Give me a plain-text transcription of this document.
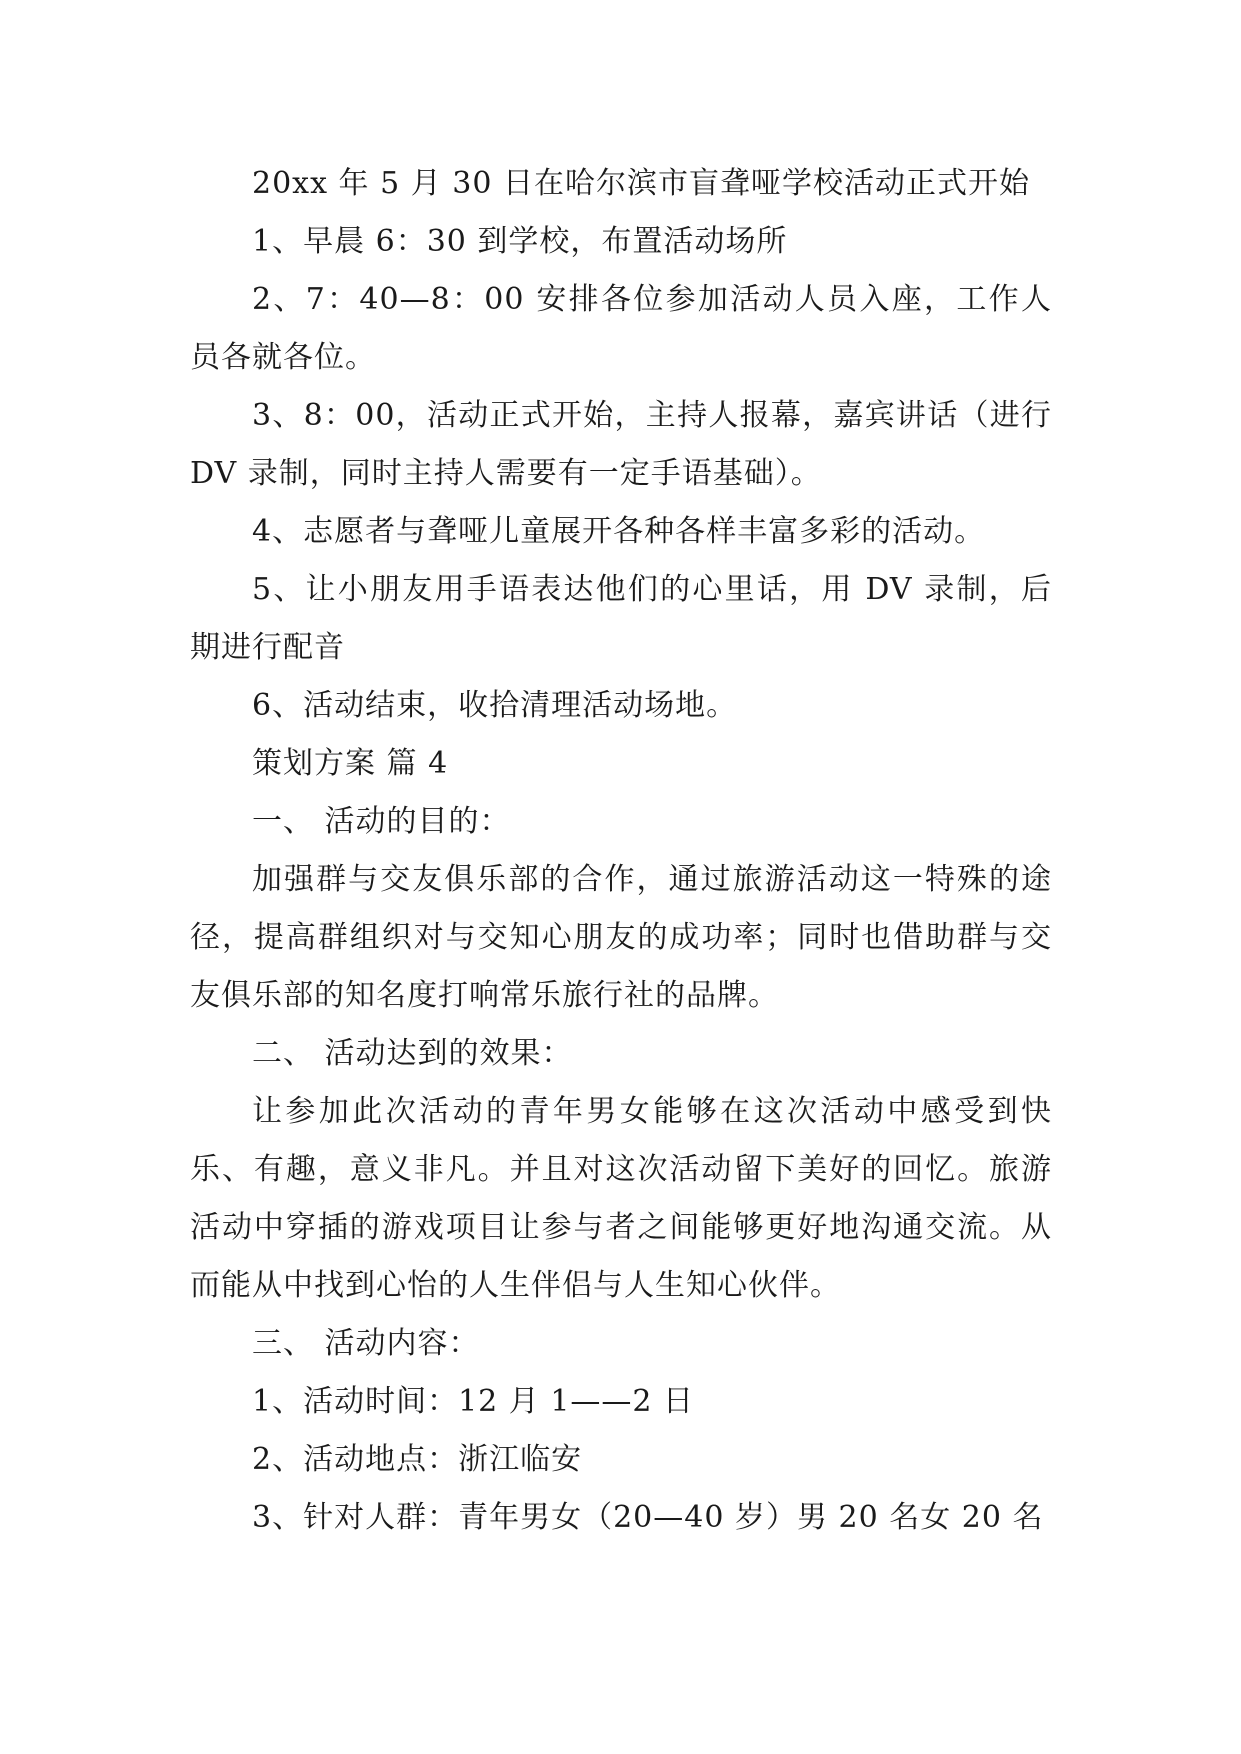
20xx 年 5 月 30 日在哈尔滨市盲聋哑学校活动正式开始

1、早晨 6：30 到学校，布置活动场所

2、7：40—8：00 安排各位参加活动人员入座，工作人员各就各位。

3、8：00，活动正式开始，主持人报幕，嘉宾讲话（进行 DV 录制，同时主持人需要有一定手语基础）。

4、志愿者与聋哑儿童展开各种各样丰富多彩的活动。

5、让小朋友用手语表达他们的心里话，用 DV 录制，后期进行配音

6、活动结束，收拾清理活动场地。

策划方案 篇 4

一、 活动的目的：

加强群与交友俱乐部的合作，通过旅游活动这一特殊的途径，提高群组织对与交知心朋友的成功率；同时也借助群与交友俱乐部的知名度打响常乐旅行社的品牌。

二、 活动达到的效果：

让参加此次活动的青年男女能够在这次活动中感受到快乐、有趣，意义非凡。并且对这次活动留下美好的回忆。旅游活动中穿插的游戏项目让参与者之间能够更好地沟通交流。从而能从中找到心怡的人生伴侣与人生知心伙伴。

三、 活动内容：

1、活动时间：12 月 1——2 日

2、活动地点：浙江临安

3、针对人群：青年男女（20—40 岁）男 20 名女 20 名
